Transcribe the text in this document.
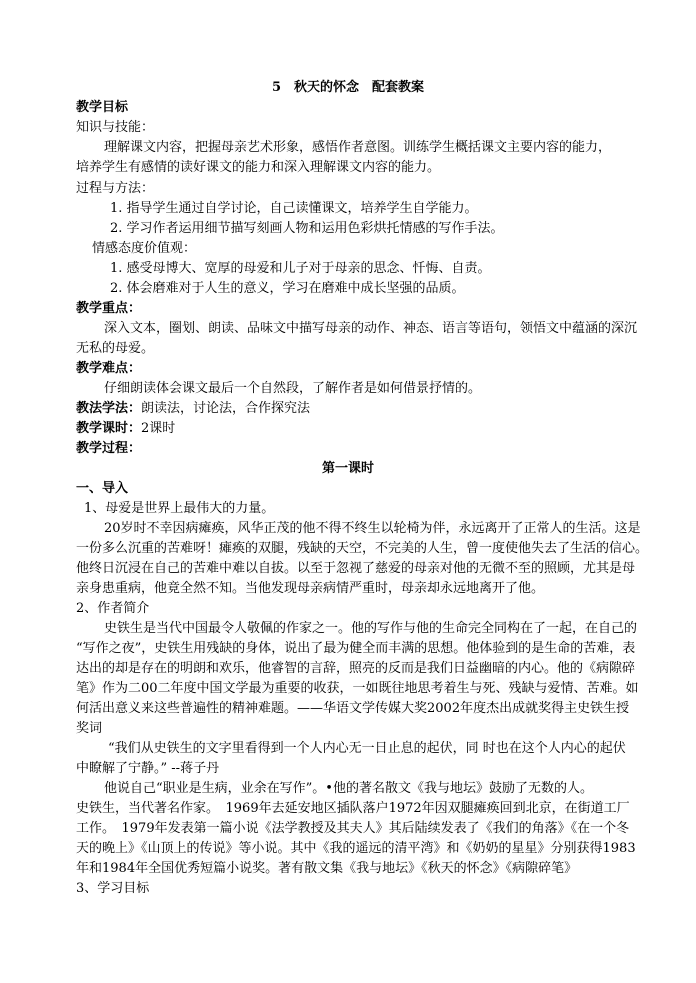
5　秋天的怀念　配套教案
教学目标
知识与技能：
理解课文内容，把握母亲艺术形象，感悟作者意图。训练学生概括课文主要内容的能力，
培养学生有感情的读好课文的能力和深入理解课文内容的能力。
过程与方法：
1. 指导学生通过自学讨论，自己读懂课文，培养学生自学能力。
2. 学习作者运用细节描写刻画人物和运用色彩烘托情感的写作手法。
情感态度价值观：
1. 感受母博大、宽厚的母爱和儿子对于母亲的思念、忏悔、自责。
2. 体会磨难对于人生的意义，学习在磨难中成长坚强的品质。
教学重点：
深入文本，圈划、朗读、品味文中描写母亲的动作、神态、语言等语句，领悟文中蕴涵的深沉
无私的母爱。
教学难点：
仔细朗读体会课文最后一个自然段，了解作者是如何借景抒情的。
教法学法：朗读法，讨论法，合作探究法
教学课时：2课时
教学过程：
第一课时
一、导入
1、母爱是世界上最伟大的力量。
20岁时不幸因病瘫痪，风华正茂的他不得不终生以轮椅为伴，永远离开了正常人的生活。这是
一份多么沉重的苦难呀！瘫痪的双腿，残缺的天空，不完美的人生，曾一度使他失去了生活的信心。
他终日沉浸在自己的苦难中难以自拔。以至于忽视了慈爱的母亲对他的无微不至的照顾，尤其是母
亲身患重病，他竟全然不知。当他发现母亲病情严重时，母亲却永远地离开了他。
2、作者简介
史铁生是当代中国最令人敬佩的作家之一。他的写作与他的生命完全同构在了一起，在自己的
“写作之夜”，史铁生用残缺的身体，说出了最为健全而丰满的思想。他体验到的是生命的苦难，表
达出的却是存在的明朗和欢乐，他睿智的言辞，照亮的反而是我们日益幽暗的内心。他的《病隙碎
笔》作为二00二年度中国文学最为重要的收获，一如既往地思考着生与死、残缺与爱情、苦难。如
何活出意义来这些普遍性的精神难题。——华语文学传媒大奖2002年度杰出成就奖得主史铁生授
奖词
“我们从史铁生的文字里看得到一个人内心无一日止息的起伏，同 时也在这个人内心的起伏
中瞭解了宁静。” --蒋子丹
他说自己“职业是生病，业余在写作”。•他的著名散文《我与地坛》鼓励了无数的人。
史铁生，当代著名作家。　1969年去延安地区插队落户1972年因双腿瘫痪回到北京，在街道工厂
工作。　1979年发表第一篇小说《法学教授及其夫人》其后陆续发表了《我们的角落》《在一个冬
天的晚上》《山顶上的传说》等小说。其中《我的遥远的清平湾》和《奶奶的星星》分别获得1983
年和1984年全国优秀短篇小说奖。著有散文集《我与地坛》《秋天的怀念》《病隙碎笔》
3、学习目标
